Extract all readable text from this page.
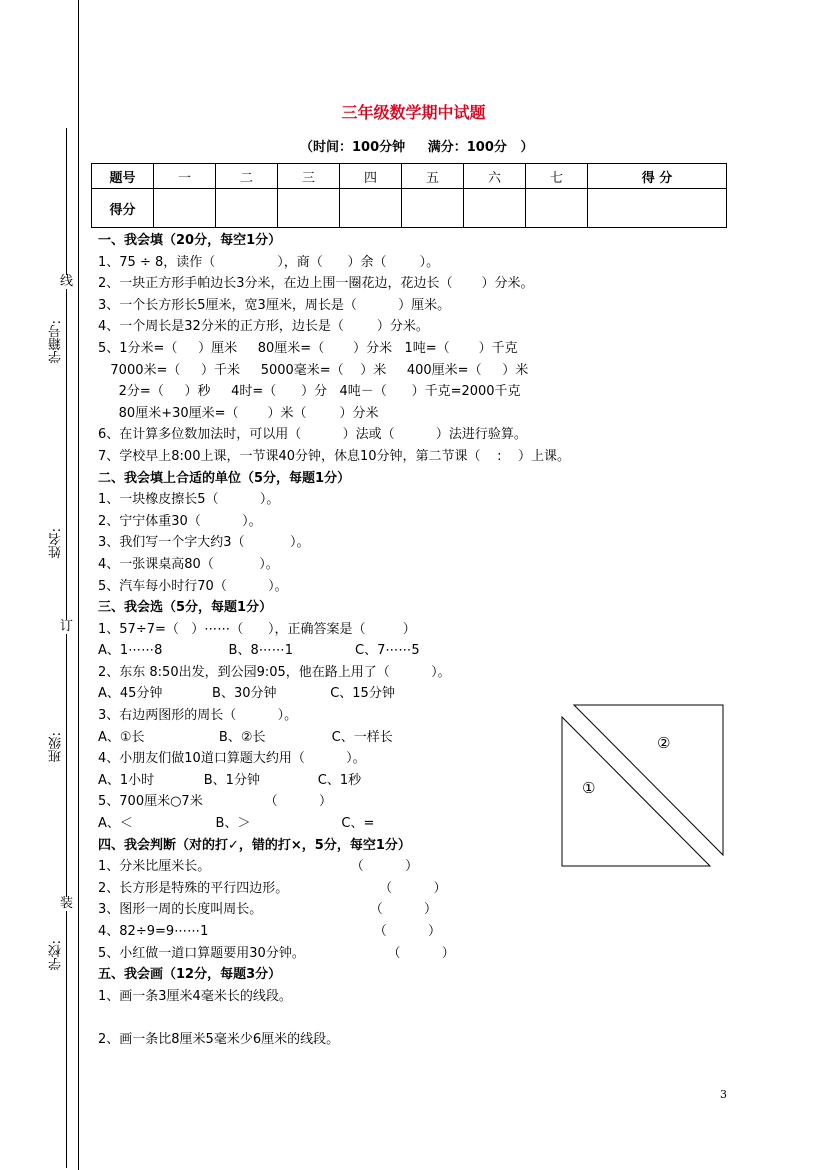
学籍号:
姓名:
班级:
学校:
线
订
装
三年级数学期中试题
（时间：100分钟     满分：100分   ）
题号	一	二	三	四	五	六	七	得 分
得分								
一、我会填（20分，每空1分）
1、75 ÷ 8，读作（               ），商（      ）余（        ）。
2、一块正方形手帕边长3分米，在边上围一圈花边，花边长（       ）分米。
3、一个长方形长5厘米，宽3厘米，周长是（          ）厘米。
4、一个周长是32分米的正方形，边长是（        ）分米。
5、1分米=（     ）厘米     80厘米=（       ）分米   1吨=（       ）千克
7000米=（     ）千米     5000毫米=（    ）米     400厘米=（     ）米
2分=（     ）秒     4时=（      ）分   4吨－（      ）千克=2000千克
80厘米+30厘米=（       ）米（        ）分米
6、在计算多位数加法时，可以用（          ）法或（          ）法进行验算。
7、学校早上8:00上课，一节课40分钟，休息10分钟，第二节课（    :    ）上课。
二、我会填上合适的单位（5分，每题1分）
1、一块橡皮擦长5（          ）。
2、宁宁体重30（          ）。
3、我们写一个字大约3（           ）。
4、一张课桌高80（           ）。
5、汽车每小时行70（          ）。
三、我会选（5分，每题1分）
1、57÷7=（   ）⋯⋯（      ），正确答案是（         ）
A、1⋯⋯8                B、8⋯⋯1               C、7⋯⋯5
2、东东 8:50出发，到公园9:05，他在路上用了（          ）。
A、45分钟            B、30分钟             C、15分钟
3、右边两图形的周长（          ）。
A、①长                  B、②长                C、一样长
4、小朋友们做10道口算题大约用（          ）。
A、1小时            B、1分钟              C、1秒
5、700厘米○7米               （          ）
A、＜                    B、＞                      C、=
四、我会判断（对的打✓，错的打×，5分，每空1分）
1、分米比厘米长。                                  （          ）
2、长方形是特殊的平行四边形。                      （          ）
3、图形一周的长度叫周长。                          （          ）
4、82÷9=9⋯⋯1                                        （          ）
5、小红做一道口算题要用30分钟。                    （          ）
五、我会画（12分，每题3分）
1、画一条3厘米4毫米长的线段。
2、画一条比8厘米5毫米少6厘米的线段。
①
②
3
